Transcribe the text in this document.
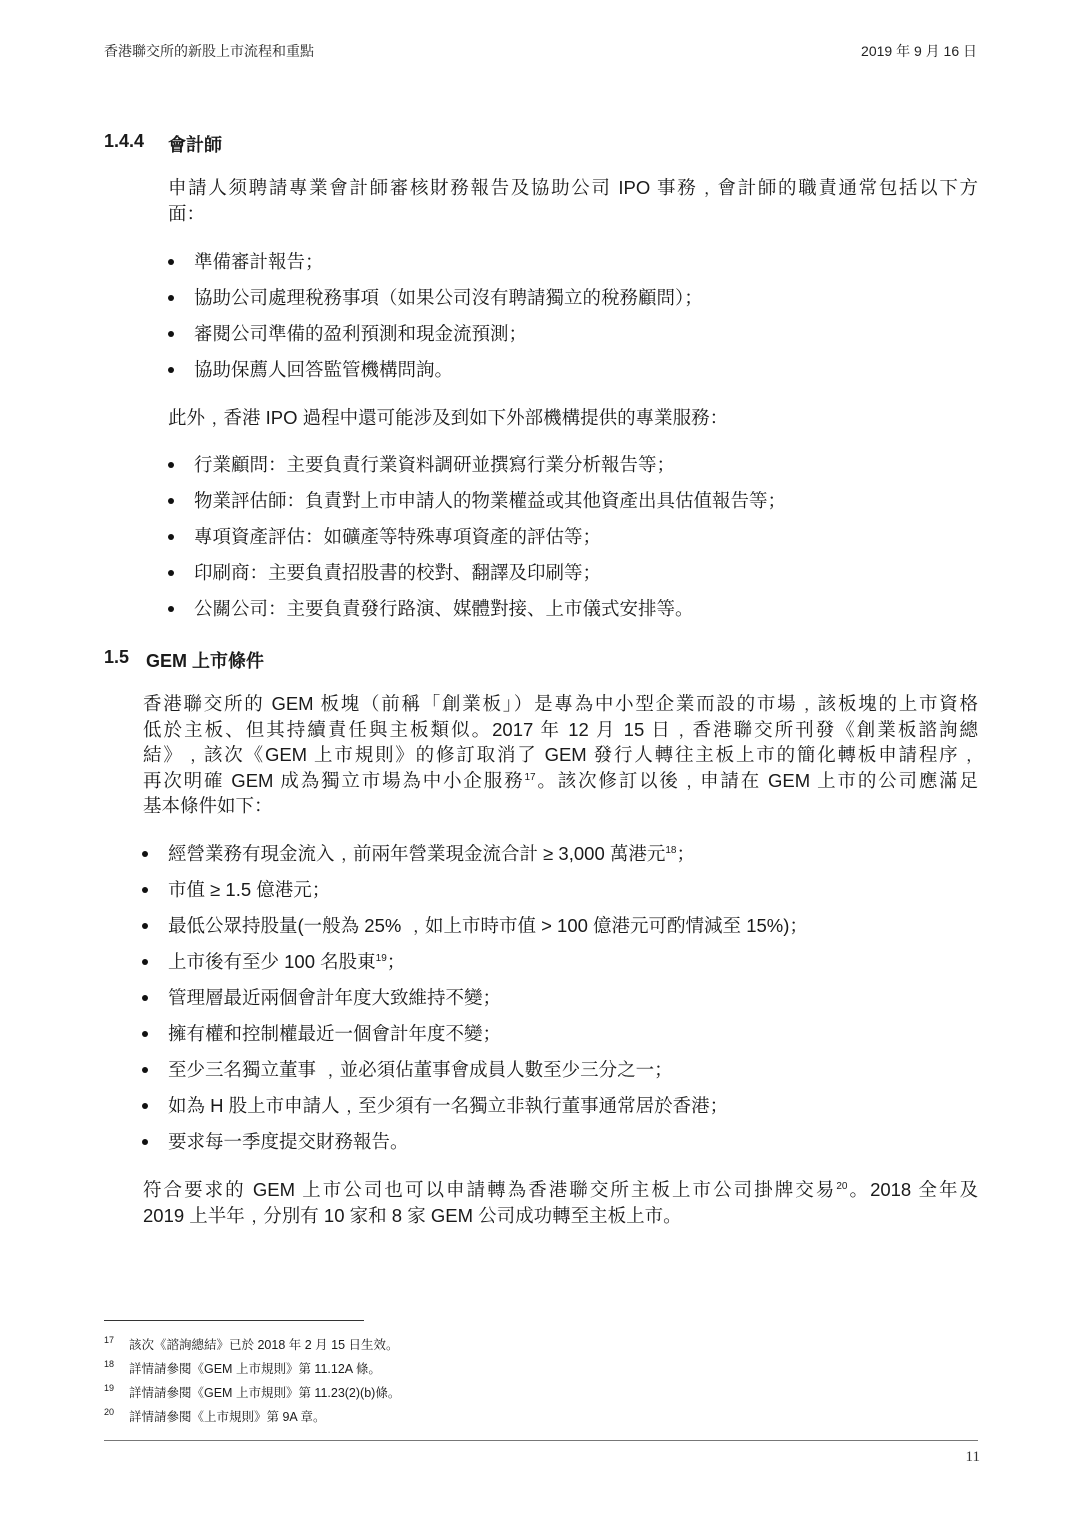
香港聯交所的新股上市流程和重點	2019 年 9 月 16 日
1.4.4 會計師
此外﹐香港 IPO 過程中還可能涉及到如下外部機構提供的專業服務：
1.5 GEM 上市條件
11
申請人须聘請專業會計師審核財務報告及協助公司 IPO 事務﹐會計師的職責通常包括以下方
面：
準備審計報告；
協助公司處理稅務事項（如果公司沒有聘請獨立的稅務顧問）；
審閱公司準備的盈利預測和現金流預測；
協助保薦人回答監管機構問詢。
行業顧問：主要負責行業資料調研並撰寫行業分析報告等；
物業評估師：負責對上市申請人的物業權益或其他資產出具估值報告等；
專項資產評估：如礦產等特殊專項資產的評估等；
印刷商：主要負責招股書的校對、翻譯及印刷等；
公關公司：主要負責發行路演、媒體對接、上市儀式安排等。
香港聯交所的 GEM 板塊（前稱「創業板」）是專為中小型企業而設的市場﹐該板塊的上市資格
低於主板、但其持續責任與主板類似。2017 年 12 月 15 日﹐香港聯交所刊發《創業板諮詢總
結》﹐該次《GEM 上市規則》的修訂取消了 GEM 發行人轉往主板上市的簡化轉板申請程序﹐
再次明確 GEM 成為獨立市場為中小企服務$^{17}$。該次修訂以後﹐申請在 GEM 上市的公司應滿足
基本條件如下：
經營業務有現金流入﹐前兩年營業現金流合計 ≥ 3,000 萬港元$^{18}$；
市值 ≥ 1.5 億港元；
最低公眾持股量(一般為 25% ﹐如上市時市值 > 100 億港元可酌情減至 15%)；
上市後有至少 100 名股東$^{19}$；
管理層最近兩個會計年度大致維持不變；
擁有權和控制權最近一個會計年度不變；
至少三名獨立董事 ﹐並必須佔董事會成員人數至少三分之一；
如為 H 股上市申請人﹐至少須有一名獨立非執行董事通常居於香港；
要求每一季度提交財務報告。
符合要求的 GEM 上市公司也可以申請轉為香港聯交所主板上市公司掛牌交易$^{20}$。2018 全年及
2019 上半年﹐分別有 10 家和 8 家 GEM 公司成功轉至主板上市。
17 該次《諮詢總結》已於 2018 年 2 月 15 日生效。
18 詳情請參閱《GEM 上市規則》第 11.12A 條。
19 詳情請參閱《GEM 上市規則》第 11.23(2)(b)條。
20 詳情請參閱《上市規則》第 9A 章。
